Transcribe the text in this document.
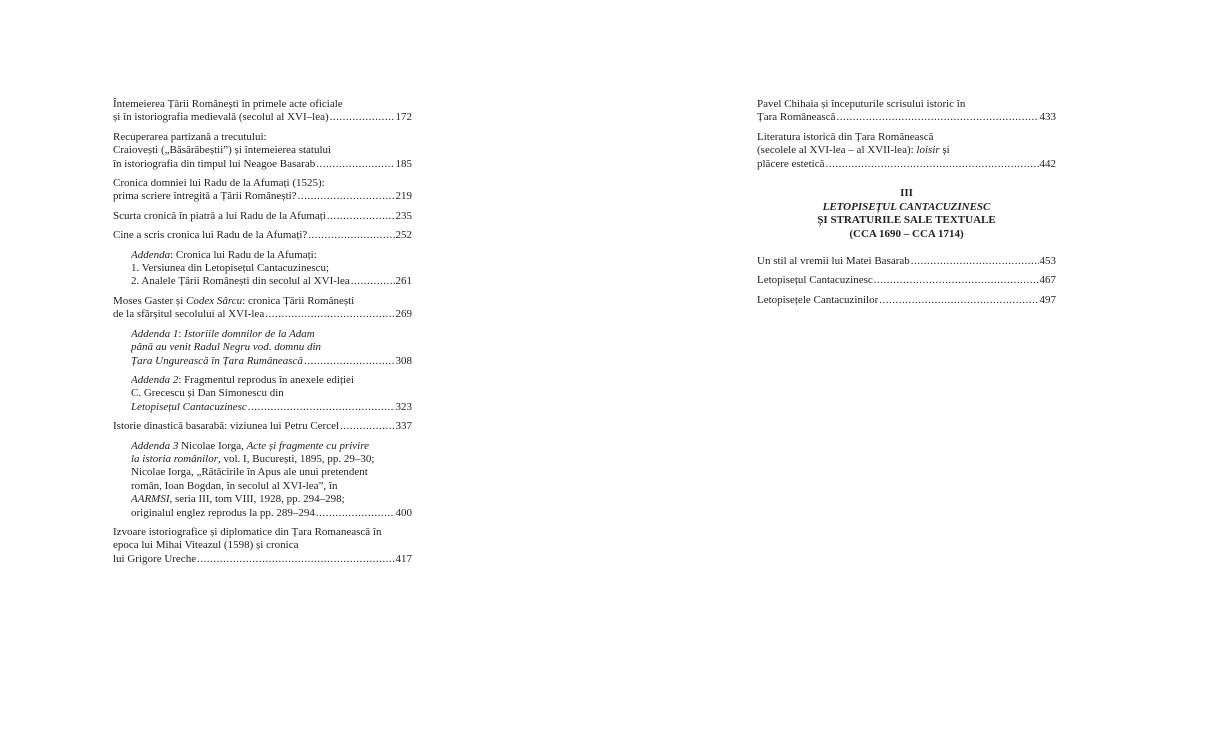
Întemeierea Țării Românești în primele acte oficiale
și în istoriografia medievală (secolul al XVI–lea) .....	172
Recuperarea partizană a trecutului:
Craiovești („Băsărăbeștii”) și întemeierea statului
în istoriografia din timpul lui Neagoe Basarab .....	185
Cronica domniei lui Radu de la Afumați (1525):
prima scriere întregită a Țării Românești? .....	219
Scurta cronică în piatră a lui Radu de la Afumați .....	235
Cine a scris cronica lui Radu de la Afumați? .....	252
Addenda: Cronica lui Radu de la Afumați:
1. Versiunea din Letopisețul Cantacuzinescu;
2. Analele Țării Românești din secolul al XVI-lea .....	261
Moses Gaster și Codex Sârcu: cronica Țării Românești
de la sfârșitul secolului al XVI-lea .....	269
Addenda 1: Istoriile domnilor de la Adam
până au venit Radul Negru vod. domnu din
Țara Ungurească în Țara Rumânească .....	308
Addenda 2: Fragmentul reprodus în anexele ediției
C. Grecescu și Dan Simonescu din
Letopisețul Cantacuzinesc .....	323
Istorie dinastică basarabă: viziunea lui Petru Cercel .....	337
Addenda 3 Nicolae Iorga, Acte și fragmente cu privire
la istoria românilor, vol. I, București, 1895, pp. 29–30;
Nicolae Iorga, „Rătăcirile în Apus ale unui pretendent
român, Ioan Bogdan, în secolul al XVI-lea”, în
AARMSI, seria III, tom VIII, 1928, pp. 294–298;
originalul englez reprodus la pp. 289–294 .....	400
Izvoare istoriografice și diplomatice din Țara Romanească în
epoca lui Mihai Viteazul (1598) și cronica
lui Grigore Ureche .....	417
Pavel Chihaia și începuturile scrisului istoric în
Țara Românească .....	433
Literatura istorică din Țara Românească
(secolele al XVI-lea – al XVII-lea): loisir și
plăcere estetică .....	442
III
LETOPISEȚUL CANTACUZINESC
ȘI STRATURILE SALE TEXTUALE
(CCA 1690 – CCA 1714)
Un stil al vremii lui Matei Basarab .....	453
Letopisețul Cantacuzinesc .....	467
Letopisețele Cantacuzinilor .....	497
